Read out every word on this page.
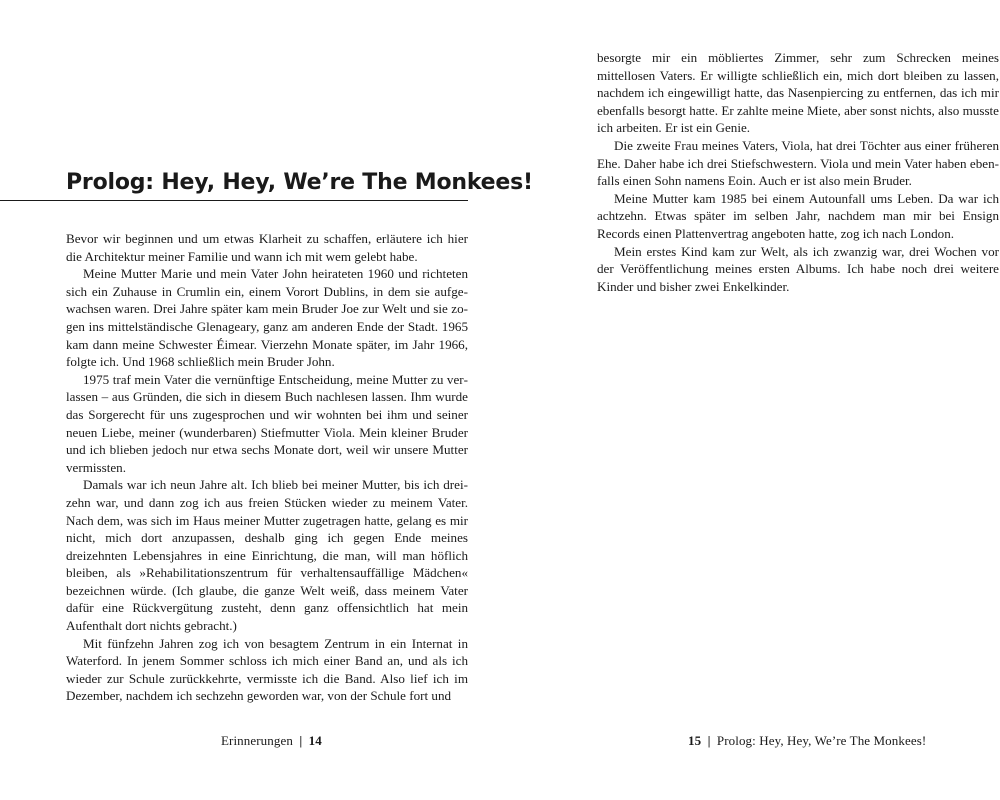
Prolog: Hey, Hey, We’re The Monkees!

Bevor wir beginnen und um etwas Klarheit zu schaffen, erläutere ich hier die Architektur meiner Familie und wann ich mit wem gelebt habe.

Meine Mutter Marie und mein Vater John heirateten 1960 und richteten sich ein Zuhause in Crumlin ein, einem Vorort Dublins, in dem sie aufgewachsen waren. Drei Jahre später kam mein Bruder Joe zur Welt und sie zogen ins mittelständische Glenageary, ganz am anderen Ende der Stadt. 1965 kam dann meine Schwester Éimear. Vierzehn Monate später, im Jahr 1966, folgte ich. Und 1968 schließlich mein Bruder John.

1975 traf mein Vater die vernünftige Entscheidung, meine Mutter zu verlassen – aus Gründen, die sich in diesem Buch nachlesen lassen. Ihm wurde das Sorgerecht für uns zugesprochen und wir wohnten bei ihm und seiner neuen Liebe, meiner (wunderbaren) Stiefmutter Viola. Mein kleiner Bruder und ich blieben jedoch nur etwa sechs Monate dort, weil wir unsere Mutter vermissten.

Damals war ich neun Jahre alt. Ich blieb bei meiner Mutter, bis ich dreizehn war, und dann zog ich aus freien Stücken wieder zu meinem Vater. Nach dem, was sich im Haus meiner Mutter zugetragen hatte, gelang es mir nicht, mich dort anzupassen, deshalb ging ich gegen Ende meines dreizehnten Lebensjahres in eine Einrichtung, die man, will man höflich bleiben, als »Rehabilitationszentrum für verhaltensauffällige Mädchen« bezeichnen würde. (Ich glaube, die ganze Welt weiß, dass meinem Vater dafür eine Rückvergütung zusteht, denn ganz offensichtlich hat mein Aufenthalt dort nichts gebracht.)

Mit fünfzehn Jahren zog ich von besagtem Zentrum in ein Internat in Waterford. In jenem Sommer schloss ich mich einer Band an, und als ich wieder zur Schule zurückkehrte, vermisste ich die Band. Also lief ich im Dezember, nachdem ich sechzehn geworden war, von der Schule fort und

Erinnerungen | 14

besorgte mir ein möbliertes Zimmer, sehr zum Schrecken meines mittellosen Vaters. Er willigte schließlich ein, mich dort bleiben zu lassen, nachdem ich eingewilligt hatte, das Nasenpiercing zu entfernen, das ich mir ebenfalls besorgt hatte. Er zahlte meine Miete, aber sonst nichts, also musste ich arbeiten. Er ist ein Genie.

Die zweite Frau meines Vaters, Viola, hat drei Töchter aus einer früheren Ehe. Daher habe ich drei Stiefschwestern. Viola und mein Vater haben ebenfalls einen Sohn namens Eoin. Auch er ist also mein Bruder.

Meine Mutter kam 1985 bei einem Autounfall ums Leben. Da war ich achtzehn. Etwas später im selben Jahr, nachdem man mir bei Ensign Records einen Plattenvertrag angeboten hatte, zog ich nach London.

Mein erstes Kind kam zur Welt, als ich zwanzig war, drei Wochen vor der Veröffentlichung meines ersten Albums. Ich habe noch drei weitere Kinder und bisher zwei Enkelkinder.

15 | Prolog: Hey, Hey, We’re The Monkees!
